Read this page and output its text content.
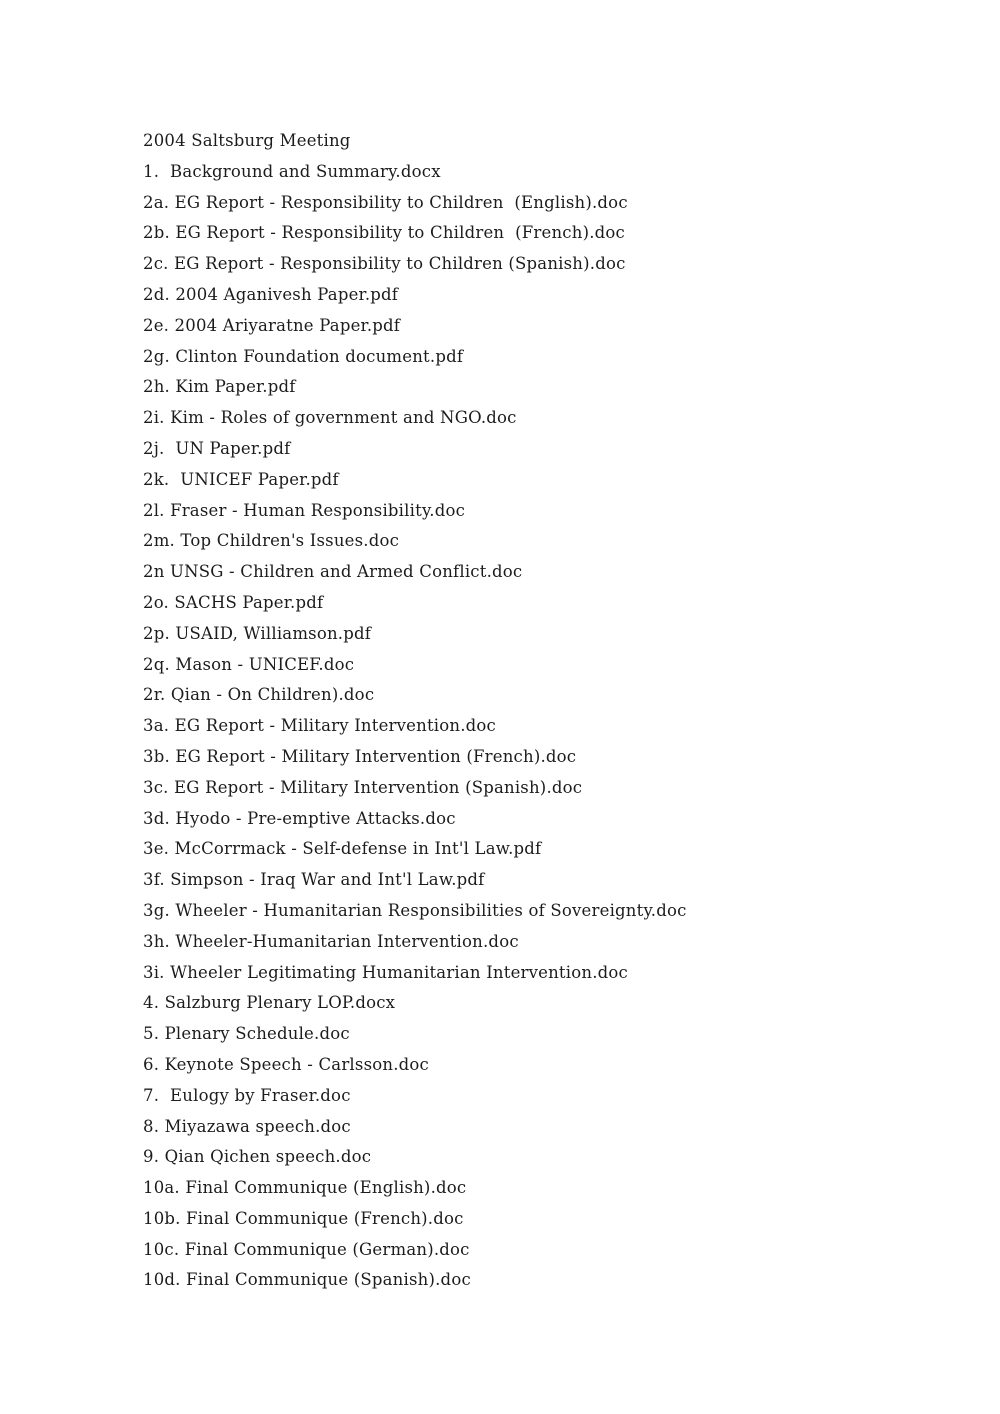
2004 Saltsburg Meeting

1.  Background and Summary.docx

2a. EG Report - Responsibility to Children  (English).doc

2b. EG Report - Responsibility to Children  (French).doc

2c. EG Report - Responsibility to Children (Spanish).doc

2d. 2004 Aganivesh Paper.pdf

2e. 2004 Ariyaratne Paper.pdf

2g. Clinton Foundation document.pdf

2h. Kim Paper.pdf

2i. Kim - Roles of government and NGO.doc

2j.  UN Paper.pdf

2k.  UNICEF Paper.pdf

2l. Fraser - Human Responsibility.doc

2m. Top Children's Issues.doc

2n UNSG - Children and Armed Conflict.doc

2o. SACHS Paper.pdf

2p. USAID, Williamson.pdf

2q. Mason - UNICEF.doc

2r. Qian - On Children).doc

3a. EG Report - Military Intervention.doc

3b. EG Report - Military Intervention (French).doc

3c. EG Report - Military Intervention (Spanish).doc

3d. Hyodo - Pre-emptive Attacks.doc

3e. McCorrmack - Self-defense in Int'l Law.pdf

3f. Simpson - Iraq War and Int'l Law.pdf

3g. Wheeler - Humanitarian Responsibilities of Sovereignty.doc

3h. Wheeler-Humanitarian Intervention.doc

3i. Wheeler Legitimating Humanitarian Intervention.doc

4. Salzburg Plenary LOP.docx

5. Plenary Schedule.doc

6. Keynote Speech - Carlsson.doc

7.  Eulogy by Fraser.doc

8. Miyazawa speech.doc

9. Qian Qichen speech.doc

10a. Final Communique (English).doc

10b. Final Communique (French).doc

10c. Final Communique (German).doc

10d. Final Communique (Spanish).doc
